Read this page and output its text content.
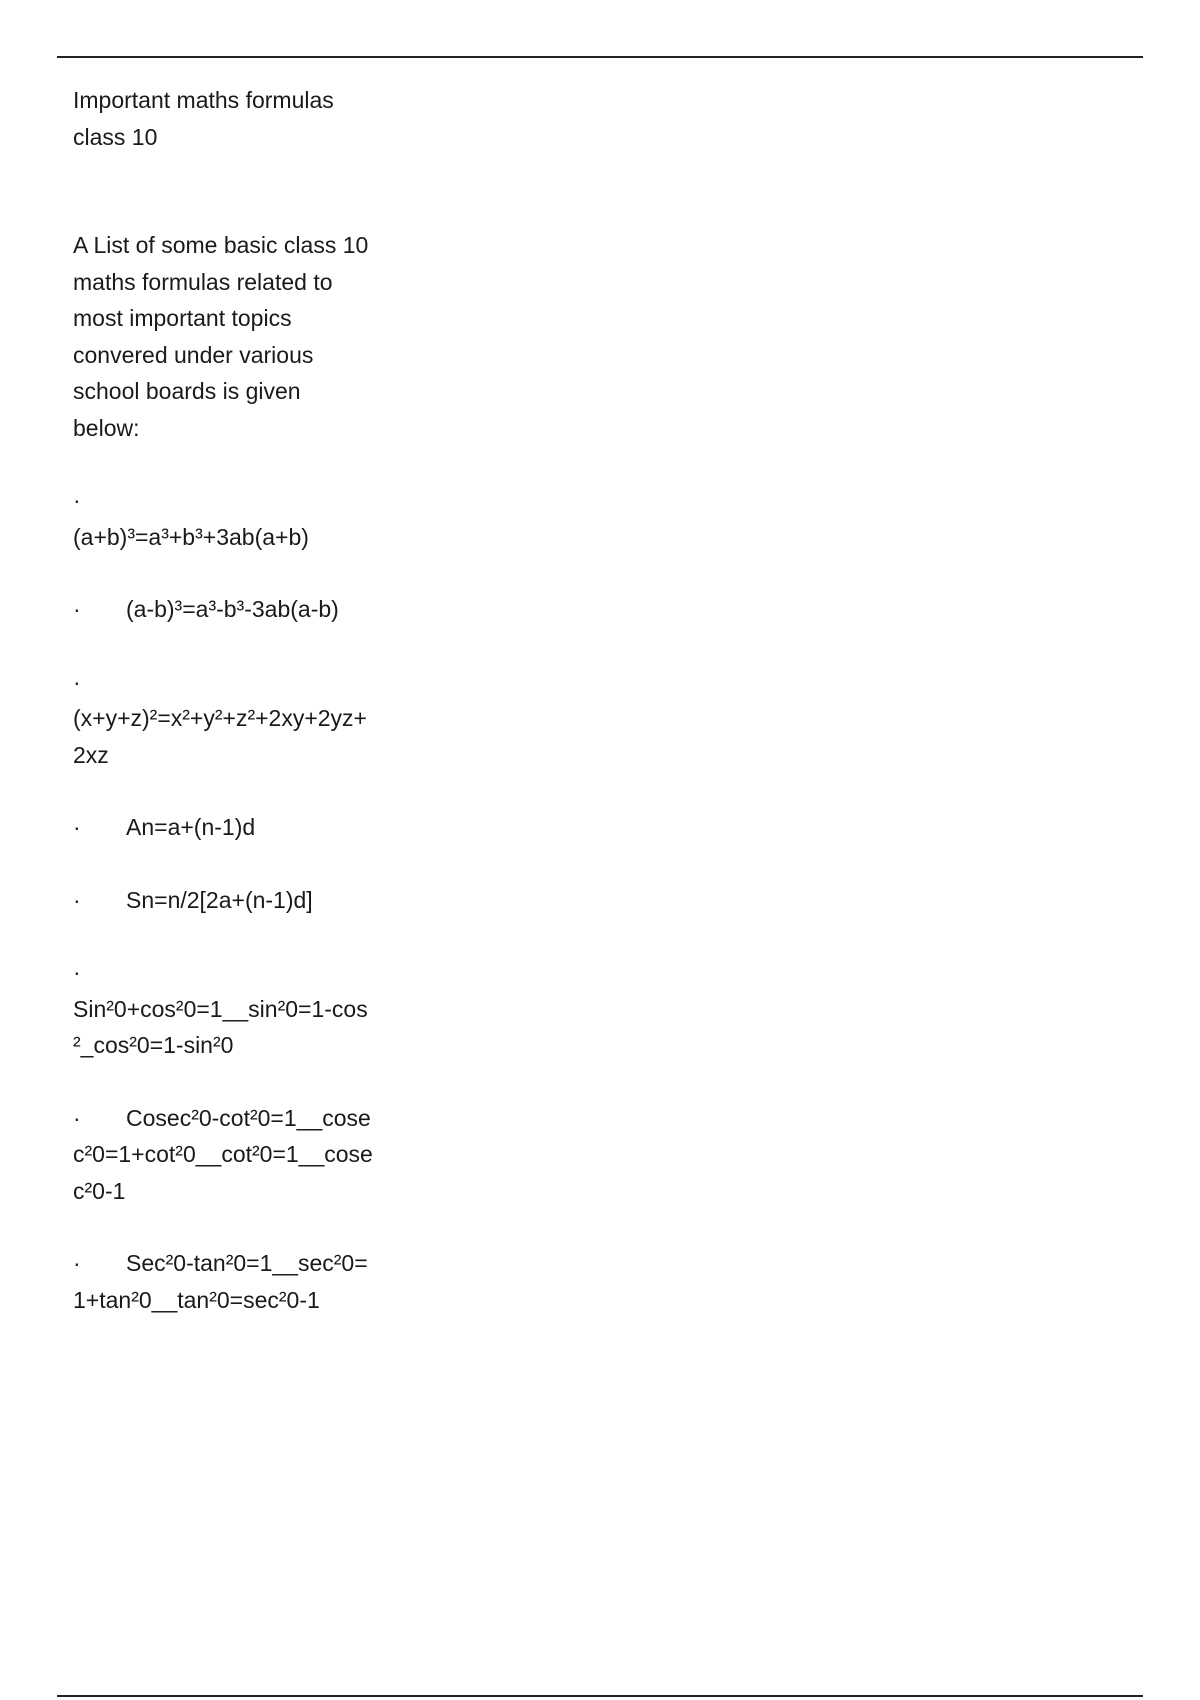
Important maths formulas class 10

A List of some basic class 10 maths formulas related to most important topics convered under various school boards is given below:

·
(a+b)³=a³+b³+3ab(a+b)
· (a-b)³=a³-b³-3ab(a-b)
·
(x+y+z)²=x²+y²+z²+2xy+2yz+2xz
· An=a+(n-1)d
· Sn=n/2[2a+(n-1)d]
·
Sin²0+cos²0=1__sin²0=1-cos²_cos²0=1-sin²0
· Cosec²0-cot²0=1__cosec²0=1+cot²0__cot²0=1__cosec²0-1
· Sec²0-tan²0=1__sec²0=1+tan²0__tan²0=sec²0-1
